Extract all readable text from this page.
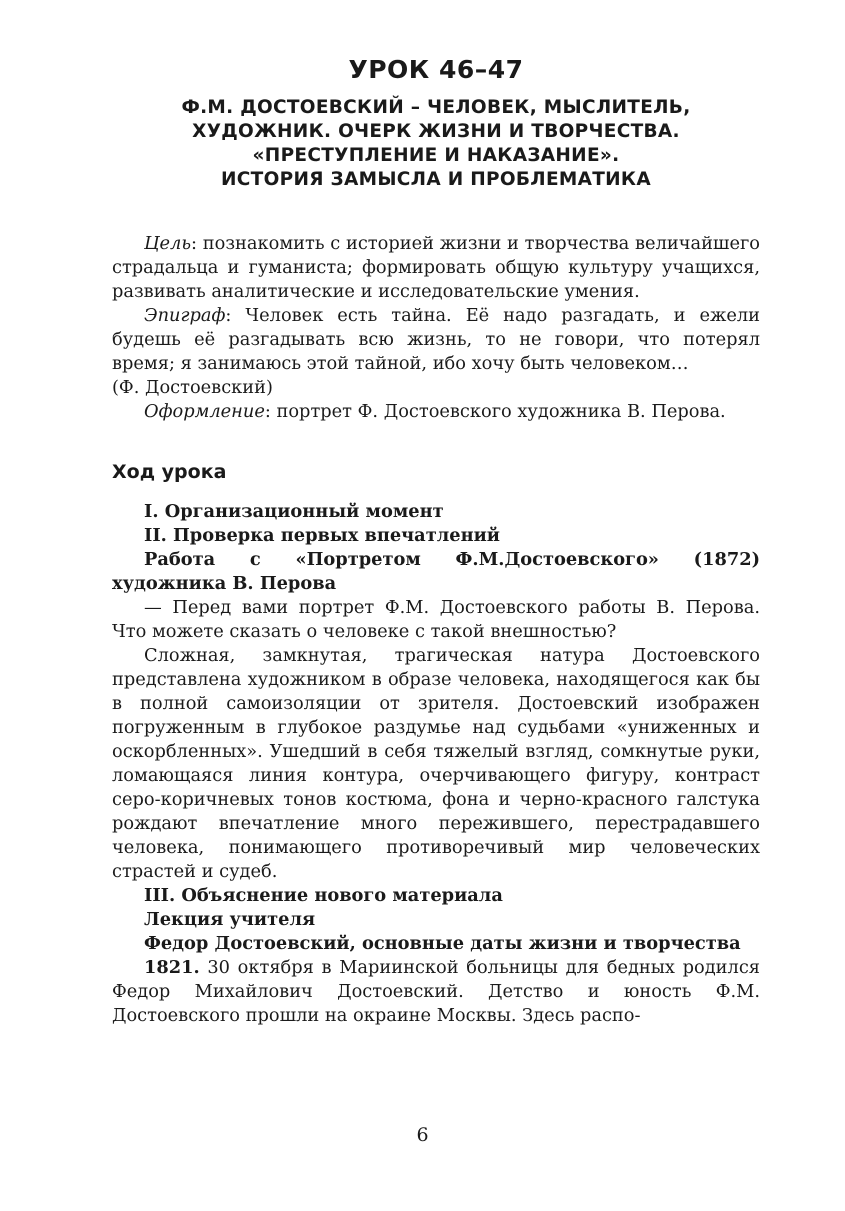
УРОК 46–47
Ф.М. ДОСТОЕВСКИЙ – ЧЕЛОВЕК, МЫСЛИТЕЛЬ,
ХУДОЖНИК. ОЧЕРК ЖИЗНИ И ТВОРЧЕСТВА.
«ПРЕСТУПЛЕНИЕ И НАКАЗАНИЕ».
ИСТОРИЯ ЗАМЫСЛА И ПРОБЛЕМАТИКА

Цель: познакомить с историей жизни и творчества величайшего страдальца и гуманиста; формировать общую культуру учащихся, развивать аналитические и исследовательские умения.

Эпиграф: Человек есть тайна. Её надо разгадать, и ежели будешь её разгадывать всю жизнь, то не говори, что потерял время; я занимаюсь этой тайной, ибо хочу быть человеком…
(Ф. Достоевский)

Оформление: портрет Ф. Достоевского художника В. Перова.

Ход урока

I. Организационный момент

II. Проверка первых впечатлений

Работа с «Портретом Ф.М.Достоевского» (1872) художника В. Перова

— Перед вами портрет Ф.М. Достоевского работы В. Перова. Что можете сказать о человеке с такой внешностью?

Сложная, замкнутая, трагическая натура Достоевского представлена художником в образе человека, находящегося как бы в полной самоизоляции от зрителя. Достоевский изображен погруженным в глубокое раздумье над судьбами «униженных и оскорбленных». Ушедший в себя тяжелый взгляд, сомкнутые руки, ломающаяся линия контура, очерчивающего фигуру, контраст серо-коричневых тонов костюма, фона и черно-красного галстука рождают впечатление много пережившего, перестрадавшего человека, понимающего противоречивый мир человеческих страстей и судеб.

III. Объяснение нового материала

Лекция учителя

Федор Достоевский, основные даты жизни и творчества

1821. 30 октября в Мариинской больницы для бедных родился Федор Михайлович Достоевский. Детство и юность Ф.М. Достоевского прошли на окраине Москвы. Здесь распо-

6
